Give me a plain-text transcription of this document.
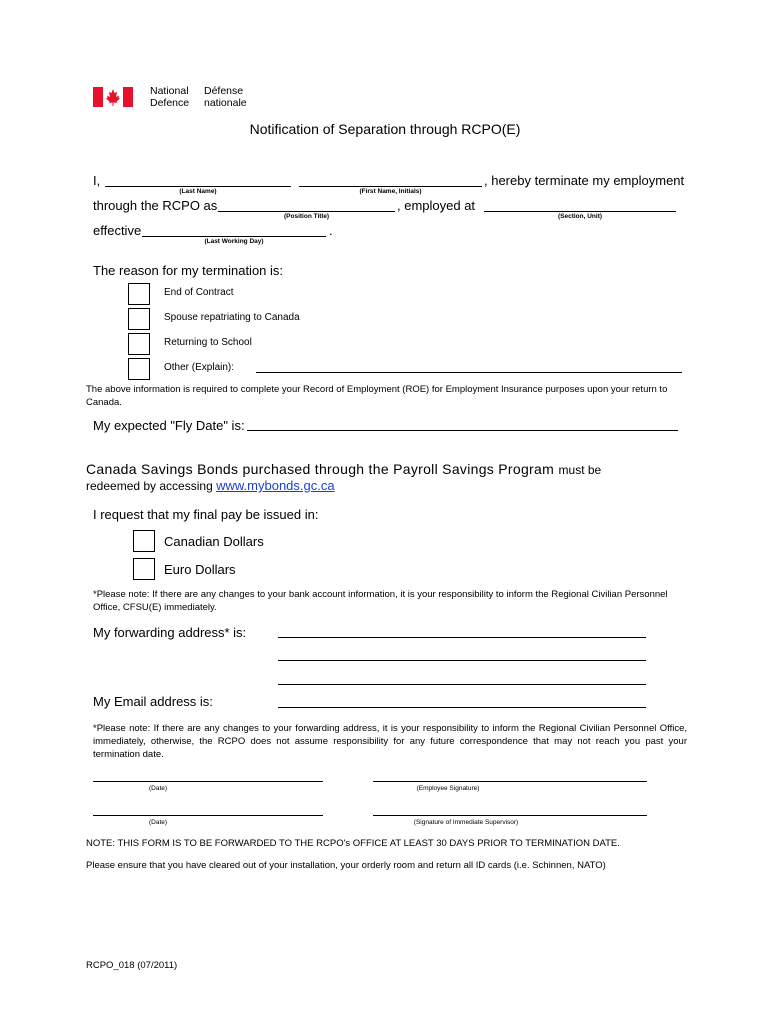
National
Defence
Défense
nationale
Notification of Separation through RCPO(E)
I,
(Last Name)	(First Name, Initials)
, hereby terminate my employment
through the RCPO as
(Position Title)
, employed at
(Section, Unit)
effective
(Last Working Day)
.
The reason for my termination is:
End of Contract
Spouse repatriating to Canada
Returning to School
Other (Explain):
The above information is required to complete your Record of Employment (ROE) for Employment Insurance purposes upon your return to Canada.
My expected "Fly Date" is:
Canada Savings Bonds purchased through the Payroll Savings Program must be
redeemed by accessing www.mybonds.gc.ca
I request that my final pay be issued in:
Canadian Dollars
Euro Dollars
*Please note: If there are any changes to your bank account information, it is your responsibility to inform the Regional Civilian Personnel Office, CFSU(E) immediately.
My forwarding address* is:
My Email address is:
*Please note: If there are any changes to your forwarding address, it is your responsibility to inform the Regional Civilian Personnel Office, immediately, otherwise, the RCPO does not assume responsibility for any future correspondence that may not reach you past your termination date.
(Date)	(Employee Signature)
(Date)	(Signature of Immediate Supervisor)
NOTE: THIS FORM IS TO BE FORWARDED TO THE RCPO's OFFICE AT LEAST 30 DAYS PRIOR TO TERMINATION DATE.
Please ensure that you have cleared out of your installation, your orderly room and return all ID cards (i.e. Schinnen, NATO)
RCPO_018 (07/2011)
